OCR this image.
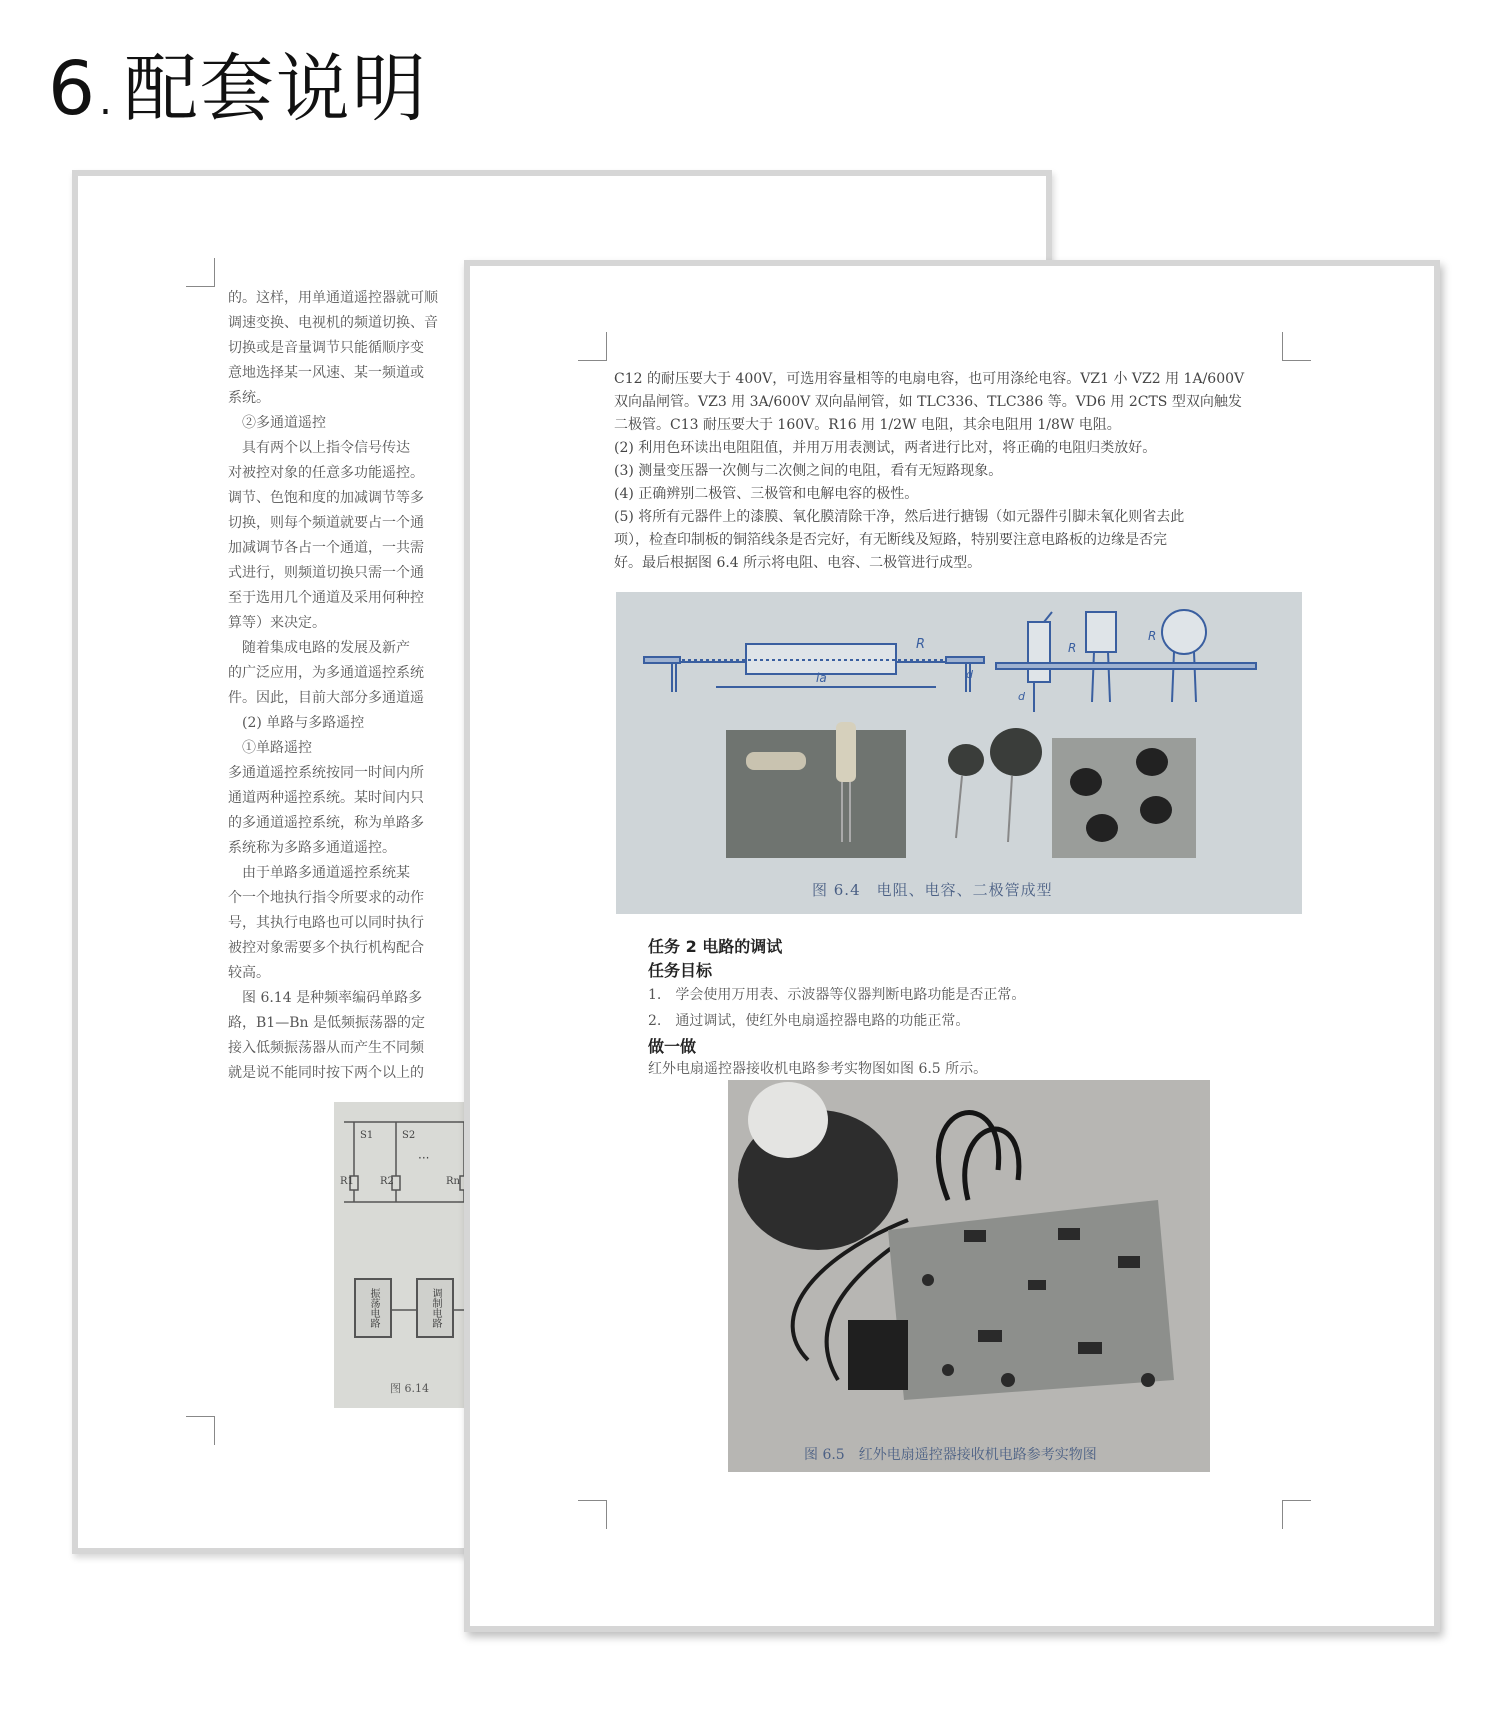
6. 配套说明
的。这样，用单通道遥控器就可顺
调速变换、电视机的频道切换、音
切换或是音量调节只能循顺序变
意地选择某一风速、某一频道或
系统。
　②多通道遥控
　具有两个以上指令信号传达
对被控对象的任意多功能遥控。
调节、色饱和度的加减调节等多
切换，则每个频道就要占一个通
加减调节各占一个通道，一共需
式进行，则频道切换只需一个通
至于选用几个通道及采用何种控
算等）来决定。
　随着集成电路的发展及新产
的广泛应用，为多通道遥控系统
件。因此，目前大部分多通道遥
　(2) 单路与多路遥控
　①单路遥控
多通道遥控系统按同一时间内所
通道两种遥控系统。某时间内只
的多通道遥控系统，称为单路多
系统称为多路多通道遥控。
　由于单路多通道遥控系统某
个一个地执行指令所要求的动作
号，其执行电路也可以同时执行
被控对象需要多个执行机构配合
较高。
　图 6.14 是种频率编码单路多
路，B1—Bn 是低频振荡器的定
接入低频振荡器从而产生不同频
就是说不能同时按下两个以上的
S1	S2
R1	R2	Rn
···
振荡电路	调制电路
图 6.14

C12 的耐压要大于 400V，可选用容量相等的电扇电容，也可用涤纶电容。VZ1 小 VZ2 用 1A/600V

双向晶闸管。VZ3 用 3A/600V 双向晶闸管，如 TLC336、TLC386 等。VD6 用 2CTS 型双向触发

二极管。C13 耐压要大于 160V。R16 用 1/2W 电阻，其余电阻用 1/8W 电阻。

(2) 利用色环读出电阻阻值，并用万用表测试，两者进行比对，将正确的电阻归类放好。

(3) 测量变压器一次侧与二次侧之间的电阻，看有无短路现象。

(4) 正确辨别二极管、三极管和电解电容的极性。

(5) 将所有元器件上的漆膜、氧化膜清除干净，然后进行搪锡（如元器件引脚未氧化则省去此

项），检查印制板的铜箔线条是否完好，有无断线及短路，特别要注意电路板的边缘是否完

好。最后根据图 6.4 所示将电阻、电容、二极管进行成型。

R
d
la
R
R
d
图 6.4　电阻、电容、二极管成型
任务 2 电路的调试
任务目标
1.　学会使用万用表、示波器等仪器判断电路功能是否正常。
2.　通过调试，使红外电扇遥控器电路的功能正常。
做一做
红外电扇遥控器接收机电路参考实物图如图 6.5 所示。
图 6.5　红外电扇遥控器接收机电路参考实物图
